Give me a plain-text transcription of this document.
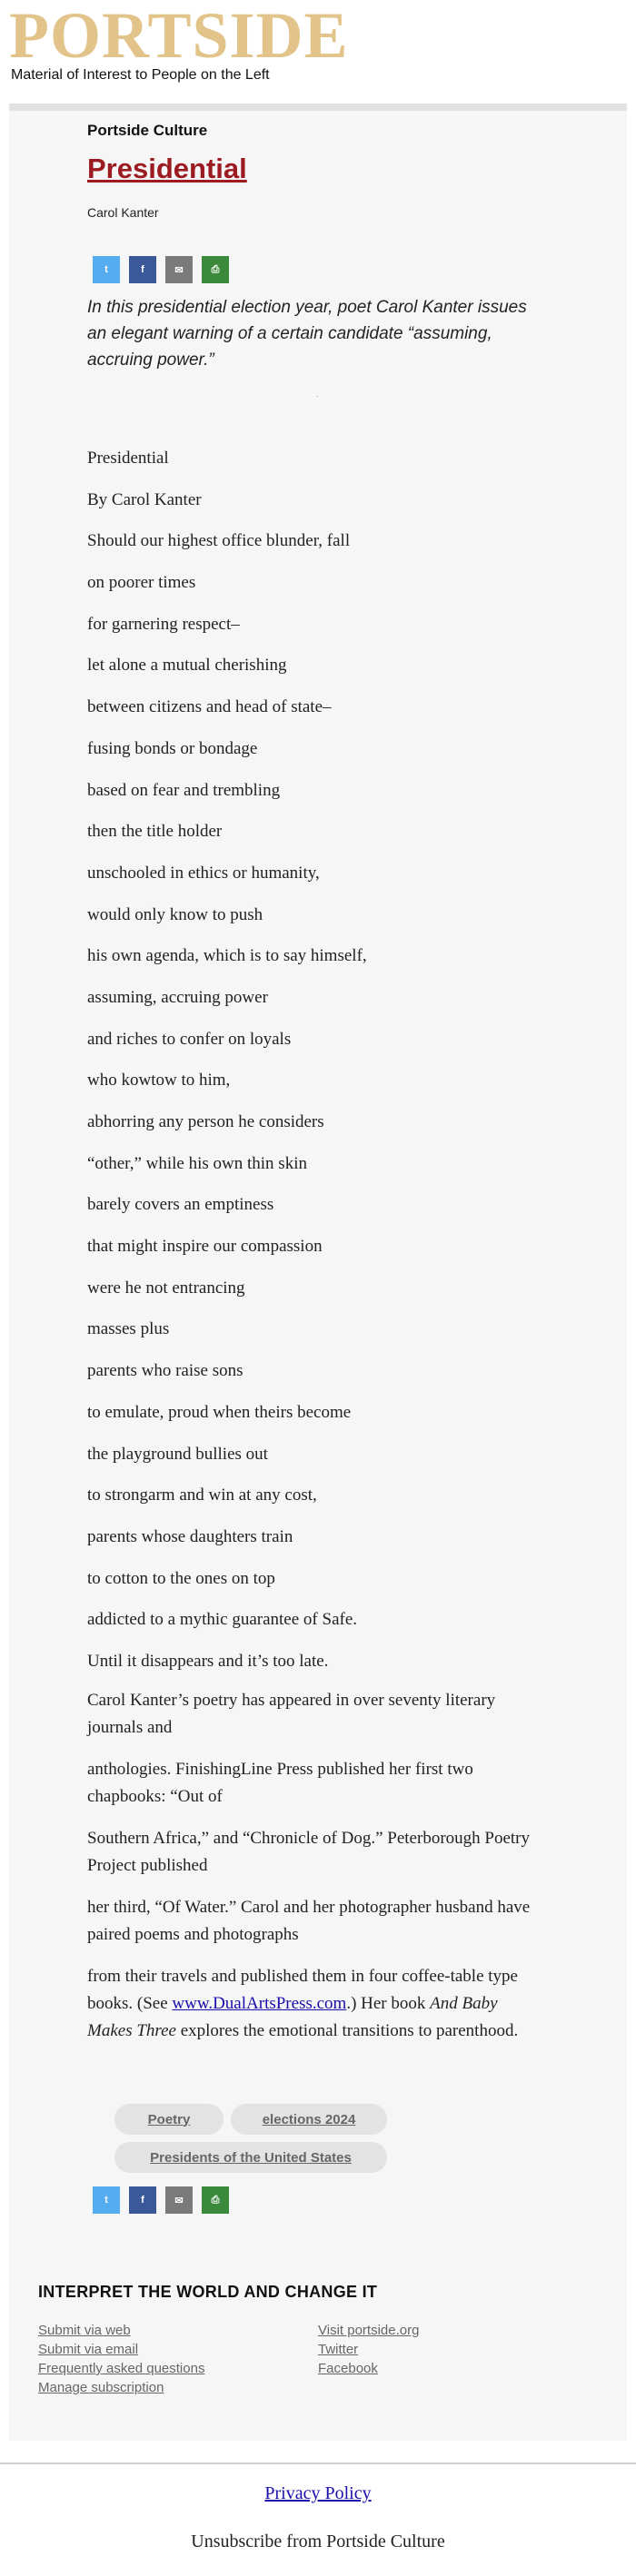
PORTSIDE
Material of Interest to People on the Left
Portside Culture
Presidential
Carol Kanter
t	f	✉	⎙
In this presidential election year, poet Carol Kanter issues an elegant warning of a certain candidate “assuming, accruing power.”
.
Presidential
By Carol Kanter
Should our highest office blunder, fall
on poorer times
for garnering respect–
let alone a mutual cherishing
between citizens and head of state–
fusing bonds or bondage
based on fear and trembling
then the title holder
unschooled in ethics or humanity,
would only know to push
his own agenda, which is to say himself,
assuming, accruing power
and riches to confer on loyals
who kowtow to him,
abhorring any person he considers
“other,” while his own thin skin
barely covers an emptiness
that might inspire our compassion
were he not entrancing
masses plus
parents who raise sons
to emulate, proud when theirs become
the playground bullies out
to strongarm and win at any cost,
parents whose daughters train
to cotton to the ones on top
addicted to a mythic guarantee of Safe.
Until it disappears and it’s too late.
Carol Kanter’s poetry has appeared in over seventy literary journals and
anthologies. FinishingLine Press published her first two chapbooks: “Out of
Southern Africa,” and “Chronicle of Dog.” Peterborough Poetry Project published
her third, “Of Water.” Carol and her photographer husband have paired poems and photographs
from their travels and published them in four coffee-table type books. (See www.DualArtsPress.com.) Her book And Baby Makes Three explores the emotional transitions to parenthood.
Poetry	elections 2024
Presidents of the United States
t	f	✉	⎙
INTERPRET THE WORLD AND CHANGE IT
Submit via web
Submit via email
Frequently asked questions
Manage subscription
Visit portside.org
Twitter
Facebook
Privacy Policy
Unsubscribe from Portside Culture
